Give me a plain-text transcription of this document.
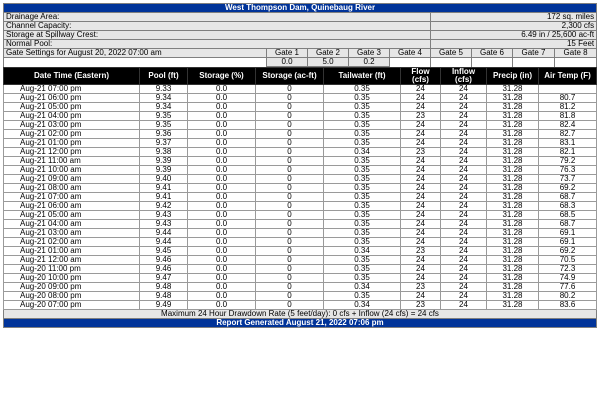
West Thompson Dam, Quinebaug River								
Drainage Area:					172 sq. miles			
Channel Capacity:					2,300 cfs			
Storage at Spillway Crest:					6.49 in / 25,600 ac-ft			
Normal Pool:					15 Feet			
Gate Settings for August 20, 2022 07:00 am	Gate 1	Gate 2	Gate 3	Gate 4	Gate 5	Gate 6	Gate 7	Gate 8
	0.0	5.0	0.2					
Date Time (Eastern)	Pool (ft)	Storage (%)	Storage (ac-ft)	Tailwater (ft)	Flow (cfs)	Inflow (cfs)	Precip (in)	Air Temp (F)
Aug-21 07:00 pm	9.33	0.0	0	0.35	24	24	31.28	
Aug-21 06:00 pm	9.34	0.0	0	0.35	24	24	31.28	80.7
Aug-21 05:00 pm	9.34	0.0	0	0.35	24	24	31.28	81.2
Aug-21 04:00 pm	9.35	0.0	0	0.35	23	24	31.28	81.8
Aug-21 03:00 pm	9.35	0.0	0	0.35	24	24	31.28	82.4
Aug-21 02:00 pm	9.36	0.0	0	0.35	24	24	31.28	82.7
Aug-21 01:00 pm	9.37	0.0	0	0.35	24	24	31.28	83.1
Aug-21 12:00 pm	9.38	0.0	0	0.34	23	24	31.28	82.1
Aug-21 11:00 am	9.39	0.0	0	0.35	24	24	31.28	79.2
Aug-21 10:00 am	9.39	0.0	0	0.35	24	24	31.28	76.3
Aug-21 09:00 am	9.40	0.0	0	0.35	24	24	31.28	73.7
Aug-21 08:00 am	9.41	0.0	0	0.35	24	24	31.28	69.2
Aug-21 07:00 am	9.41	0.0	0	0.35	24	24	31.28	68.7
Aug-21 06:00 am	9.42	0.0	0	0.35	24	24	31.28	68.3
Aug-21 05:00 am	9.43	0.0	0	0.35	24	24	31.28	68.5
Aug-21 04:00 am	9.43	0.0	0	0.35	24	24	31.28	68.7
Aug-21 03:00 am	9.44	0.0	0	0.35	24	24	31.28	69.1
Aug-21 02:00 am	9.44	0.0	0	0.35	24	24	31.28	69.1
Aug-21 01:00 am	9.45	0.0	0	0.34	23	24	31.28	69.2
Aug-21 12:00 am	9.46	0.0	0	0.35	24	24	31.28	70.5
Aug-20 11:00 pm	9.46	0.0	0	0.35	24	24	31.28	72.3
Aug-20 10:00 pm	9.47	0.0	0	0.35	24	24	31.28	74.9
Aug-20 09:00 pm	9.48	0.0	0	0.34	23	24	31.28	77.6
Aug-20 08:00 pm	9.48	0.0	0	0.35	24	24	31.28	80.2
Aug-20 07:00 pm	9.49	0.0	0	0.34	23	24	31.28	83.6
Maximum 24 Hour Drawdown Rate (5 feet/day): 0 cfs + Inflow (24 cfs) = 24 cfs								
Report Generated August 21, 2022 07:06 pm								
